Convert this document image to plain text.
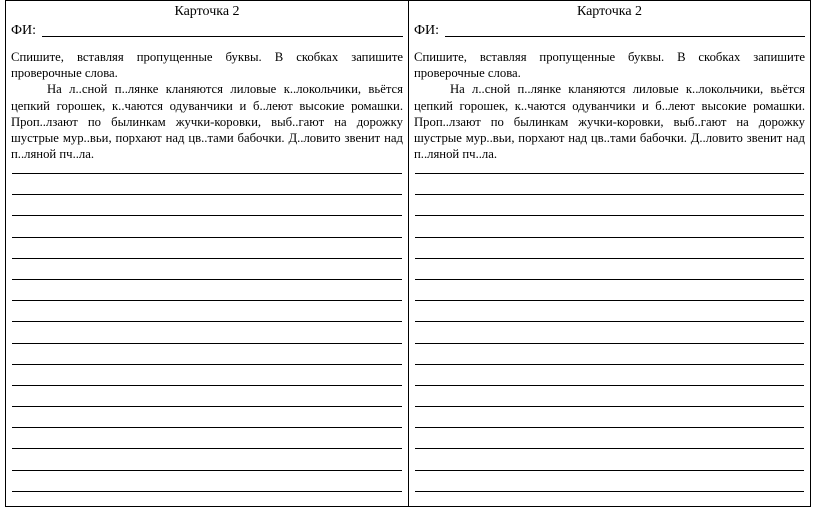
Карточка 2
ФИ:

Спишите, вставляя пропущенные буквы. В скобках запишите проверочные слова.

На л..сной п..лянке кланяются лиловые к..локольчики, вьётся цепкий горошек, к..чаются одуванчики и б..леют высокие ромашки. Проп..лзают по былинкам жучки-коровки, выб..гают на дорожку шустрые мур..вьи, порхают над цв..тами бабочки. Д..ловито звенит над п..ляной пч..ла.

Карточка 2
ФИ:

Спишите, вставляя пропущенные буквы. В скобках запишите проверочные слова.

На л..сной п..лянке кланяются лиловые к..локольчики, вьётся цепкий горошек, к..чаются одуванчики и б..леют высокие ромашки. Проп..лзают по былинкам жучки-коровки, выб..гают на дорожку шустрые мур..вьи, порхают над цв..тами бабочки. Д..ловито звенит над п..ляной пч..ла.
